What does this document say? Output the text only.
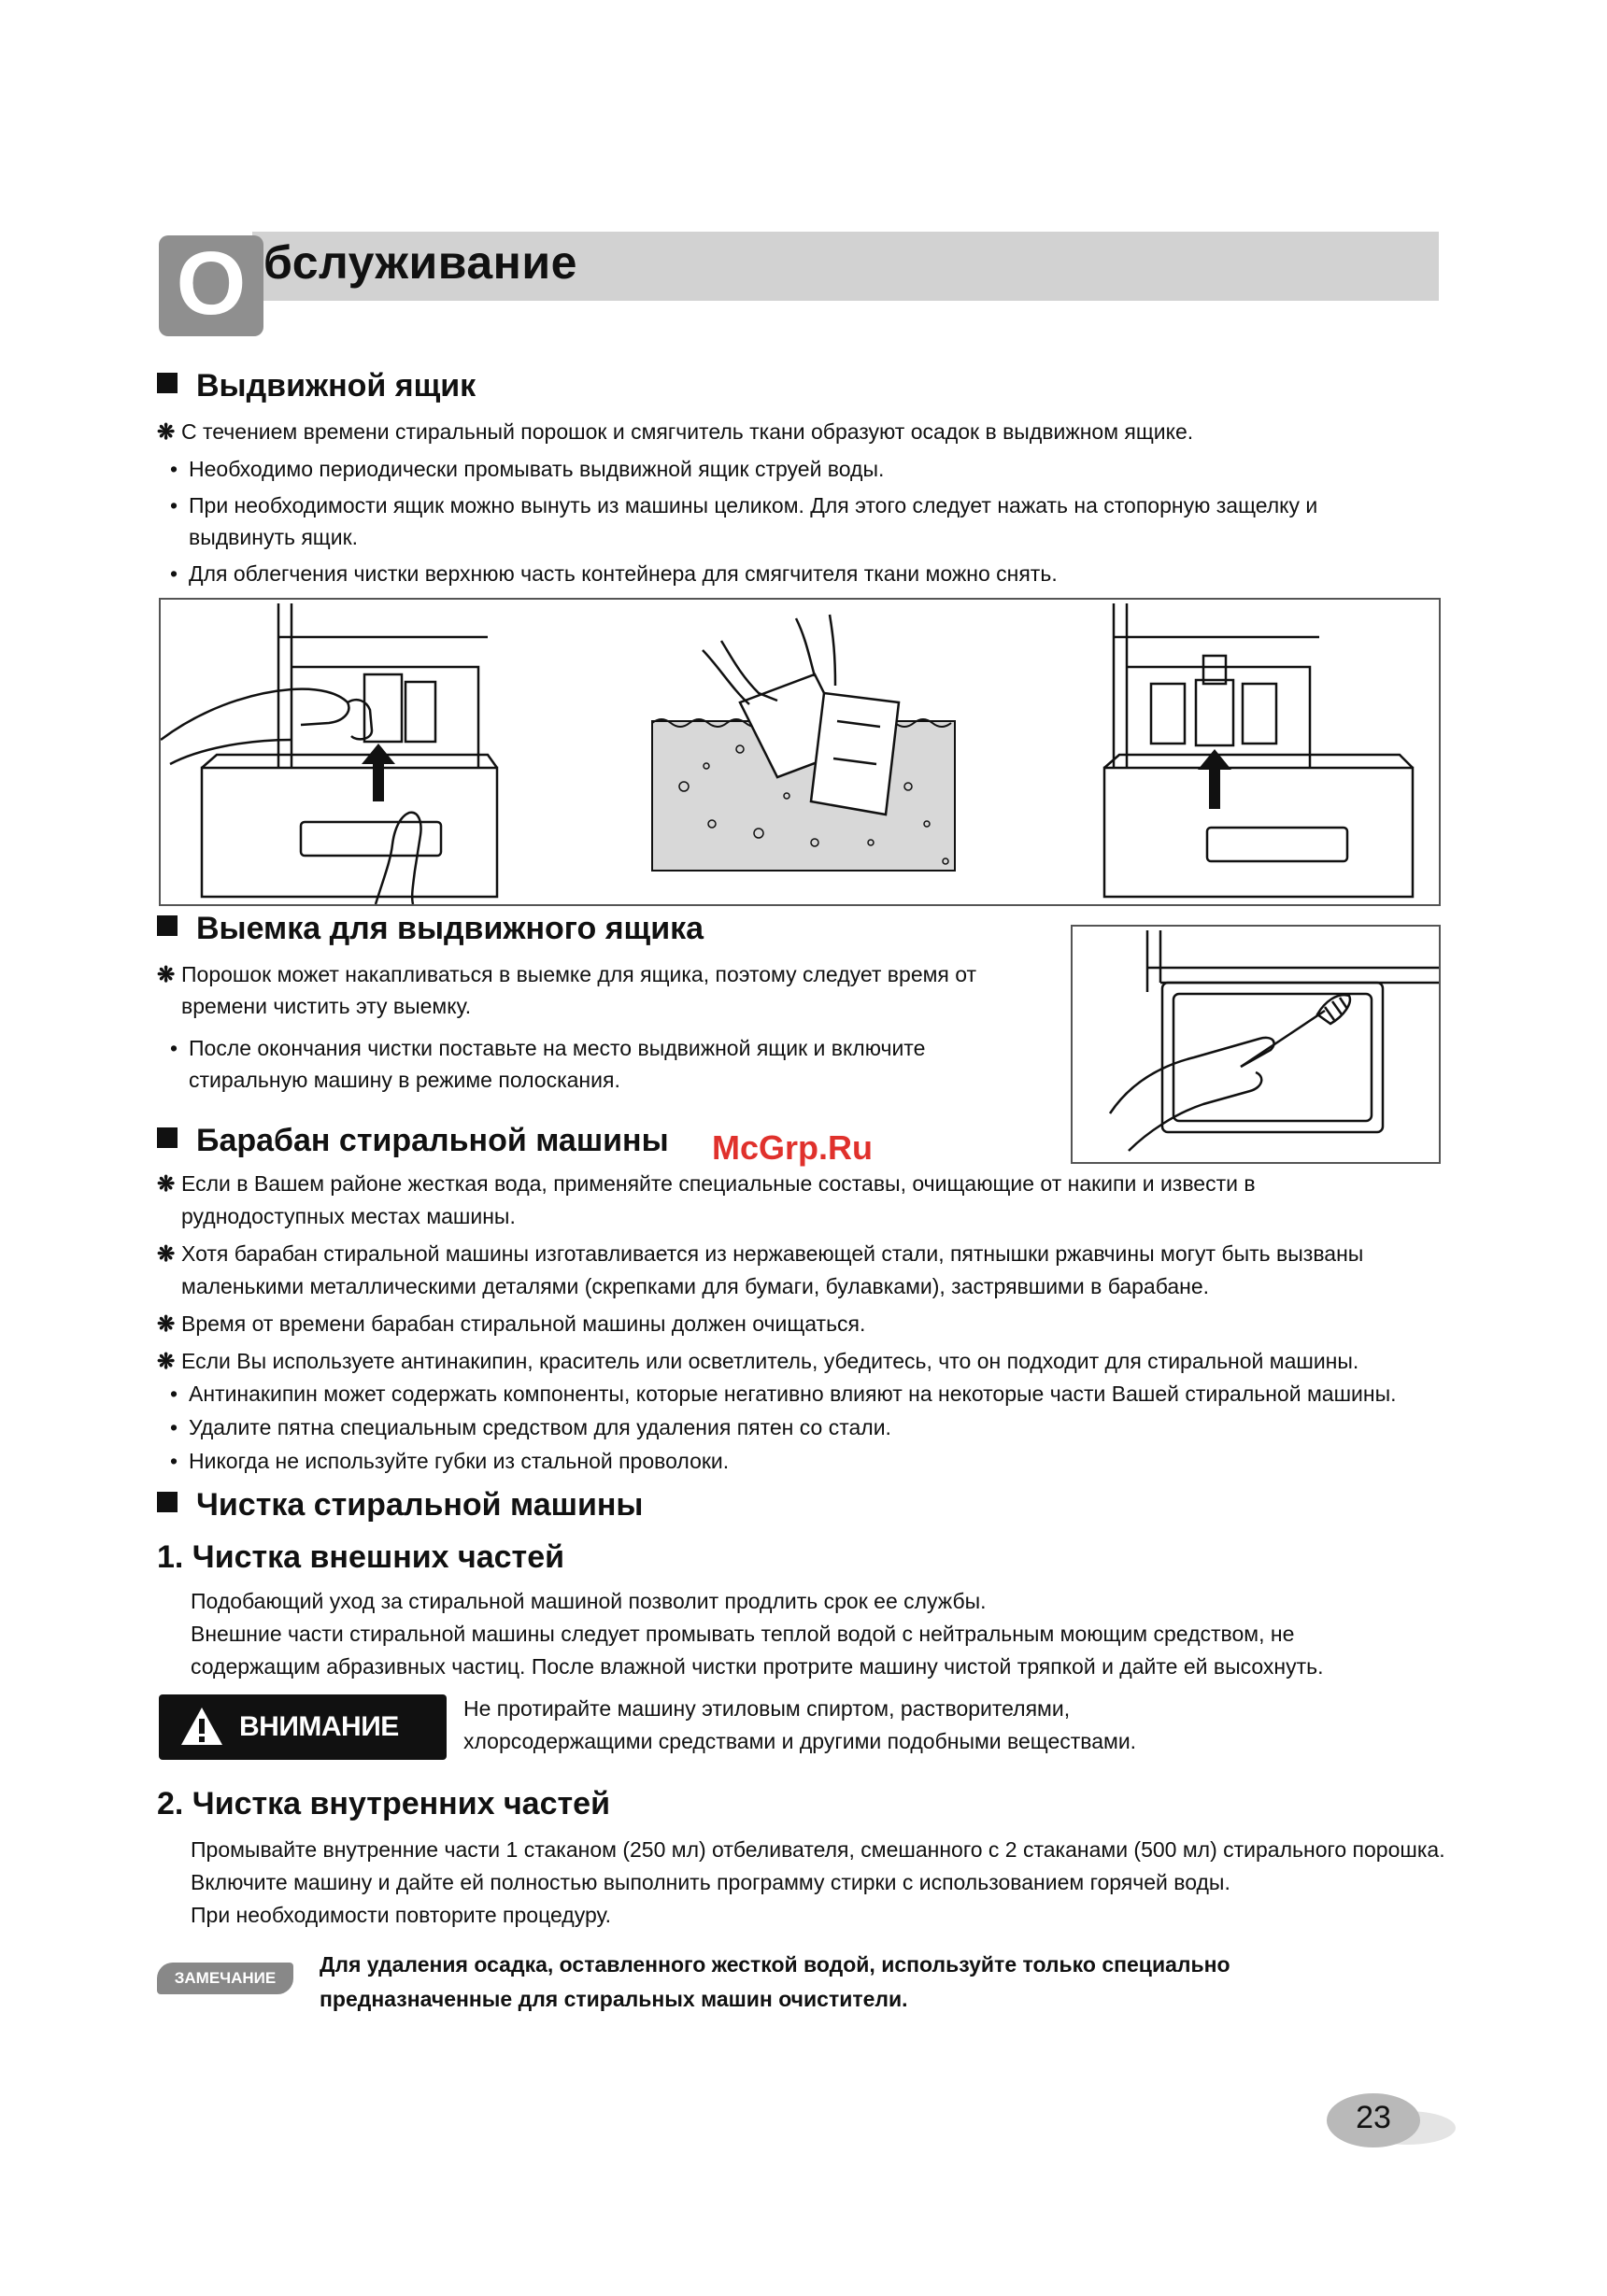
О бслуживание
Выдвижной ящик
❋ С течением времени стиральный порошок и смягчитель ткани образуют осадок в выдвижном ящике.
• Необходимо периодически промывать выдвижной ящик струей воды.
• При необходимости ящик можно вынуть из машины целиком. Для этого следует нажать на стопорную защелку и
выдвинуть ящик.
• Для облегчения чистки верхнюю часть контейнера для смягчителя ткани можно снять.
Выемка для выдвижного ящика
❋ Порошок может накапливаться в выемке для ящика, поэтому следует время от
времени чистить эту выемку.
• После окончания чистки поставьте на место выдвижной ящик и включите
стиральную машину в режиме полоскания.
Барабан стиральной машины McGrp.Ru
❋ Если в Вашем районе жесткая вода, применяйте специальные составы, очищающие от накипи и извести в
руднодоступных местах машины.
❋ Хотя барабан стиральной машины изготавливается из нержавеющей стали, пятнышки ржавчины могут быть вызваны
маленькими металлическими деталями (скрепками для бумаги, булавками), застрявшими в барабане.
❋ Время от времени барабан стиральной машины должен очищаться.
❋ Если Вы используете антинакипин, краситель или осветлитель, убедитесь, что он подходит для стиральной машины.
• Антинакипин может содержать компоненты, которые негативно влияют на некоторые части Вашей стиральной машины.
• Удалите пятна специальным средством для удаления пятен со стали.
• Никогда не используйте губки из стальной проволоки.
Чистка стиральной машины
1. Чистка внешних частей
Подобающий уход за стиральной машиной позволит продлить срок ее службы.
Внешние части стиральной машины следует промывать теплой водой с нейтральным моющим средством, не
содержащим абразивных частиц. После влажной чистки протрите машину чистой тряпкой и дайте ей высохнуть.
ВНИМАНИЕ
Не протирайте машину этиловым спиртом, растворителями,
хлорсодержащими средствами и другими подобными веществами.
2. Чистка внутренних частей
Промывайте внутренние части 1 стаканом (250 мл) отбеливателя, смешанного с 2 стаканами (500 мл) стирального порошка.
Включите машину и дайте ей полностью выполнить программу стирки с использованием горячей воды.
При необходимости повторите процедуру.
ЗАМЕЧАНИЕ
Для удаления осадка, оставленного жесткой водой, используйте только специально
предназначенные для стиральных машин очистители.
23
